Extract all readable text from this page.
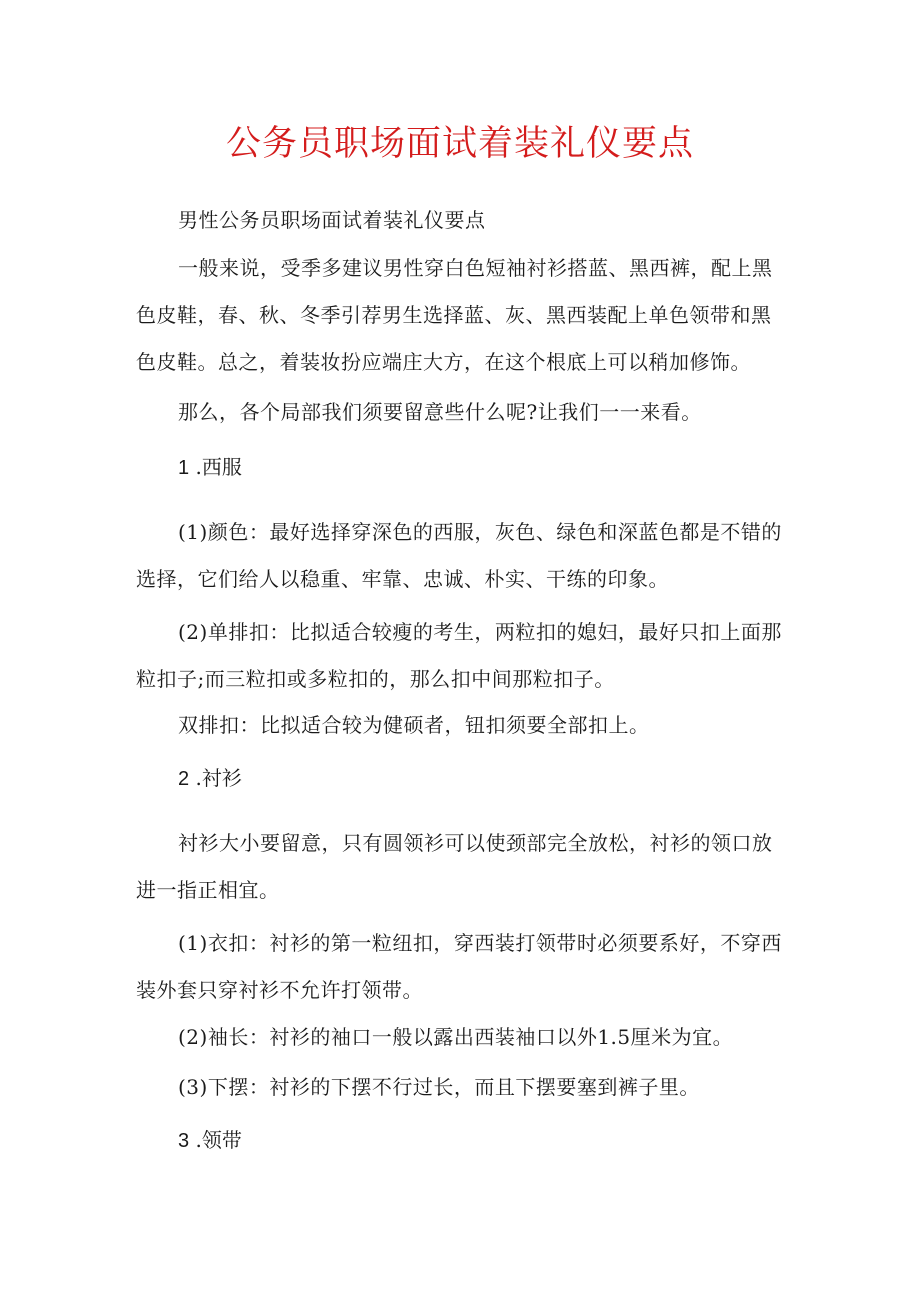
公务员职场面试着装礼仪要点
男性公务员职场面试着装礼仪要点

一般来说，受季多建议男性穿白色短袖衬衫搭蓝、黑西裤，配上黑色皮鞋，春、秋、冬季引荐男生选择蓝、灰、黑西装配上单色领带和黑色皮鞋。总之，着装妆扮应端庄大方，在这个根底上可以稍加修饰。

那么，各个局部我们须要留意些什么呢?让我们一一来看。
1 .西服

(1)颜色：最好选择穿深色的西服，灰色、绿色和深蓝色都是不错的选择，它们给人以稳重、牢靠、忠诚、朴实、干练的印象。

(2)单排扣：比拟适合较瘦的考生，两粒扣的媳妇，最好只扣上面那粒扣子;而三粒扣或多粒扣的，那么扣中间那粒扣子。

双排扣：比拟适合较为健硕者，钮扣须要全部扣上。
2 .衬衫

衬衫大小要留意，只有圆领衫可以使颈部完全放松，衬衫的领口放进一指正相宜。

(1)衣扣：衬衫的第一粒纽扣，穿西装打领带时必须要系好，不穿西装外套只穿衬衫不允许打领带。

(2)袖长：衬衫的袖口一般以露出西装袖口以外1.5厘米为宜。
(3)下摆：衬衫的下摆不行过长，而且下摆要塞到裤子里。
3 .领带
